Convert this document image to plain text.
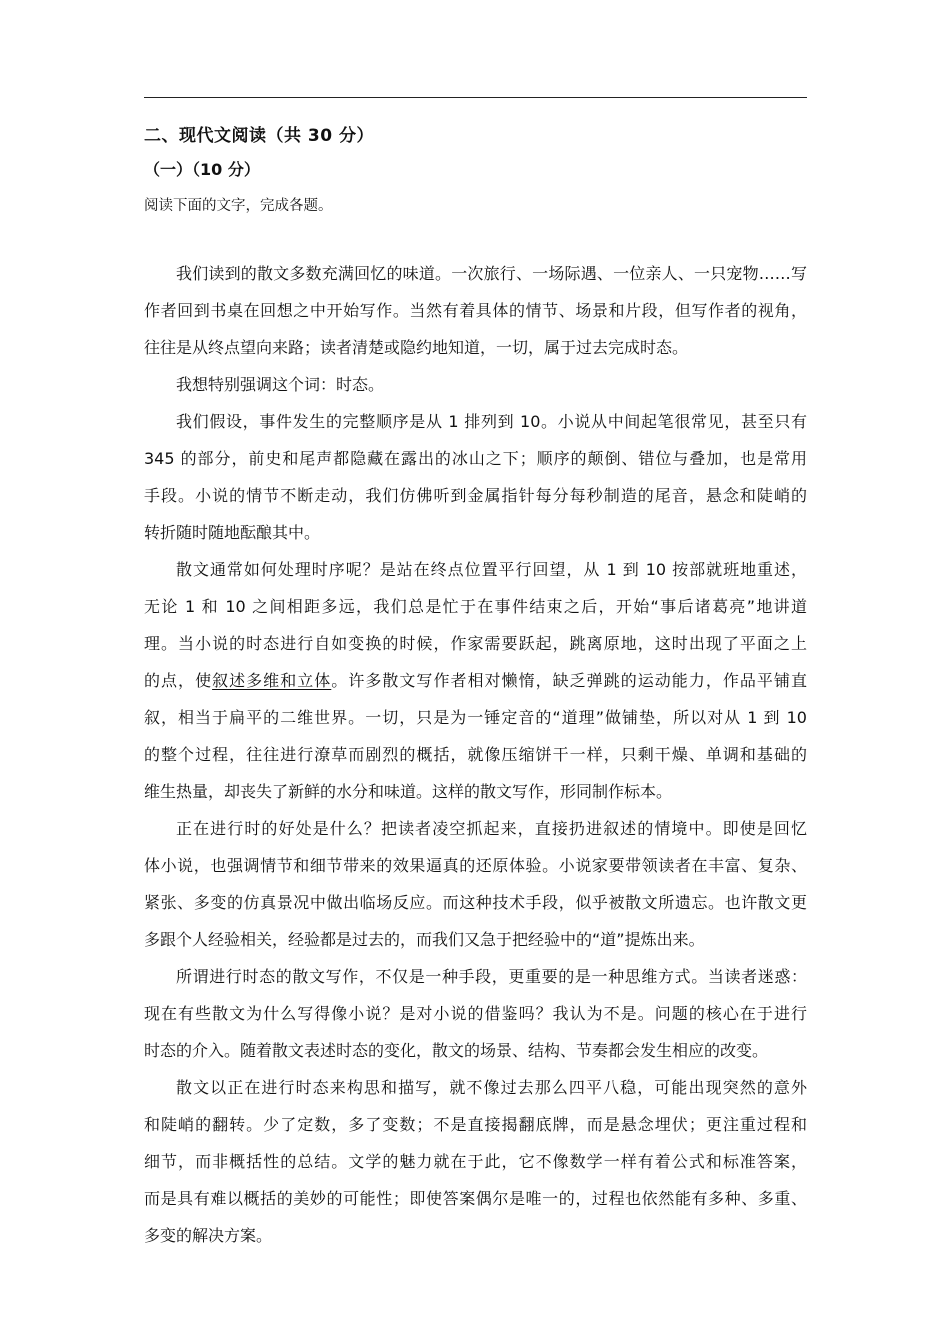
二、现代文阅读（共 30 分）
（一）（10 分）
阅读下面的文字，完成各题。
我们读到的散文多数充满回忆的味道。一次旅行、一场际遇、一位亲人、一只宠物……写
作者回到书桌在回想之中开始写作。当然有着具体的情节、场景和片段，但写作者的视角，
往往是从终点望向来路；读者清楚或隐约地知道，一切，属于过去完成时态。
我想特别强调这个词：时态。
我们假设，事件发生的完整顺序是从 1 排列到 10。小说从中间起笔很常见，甚至只有
345 的部分，前史和尾声都隐藏在露出的冰山之下；顺序的颠倒、错位与叠加，也是常用
手段。小说的情节不断走动，我们仿佛听到金属指针每分每秒制造的尾音，悬念和陡峭的
转折随时随地酝酿其中。
散文通常如何处理时序呢？是站在终点位置平行回望，从 1 到 10 按部就班地重述，
无论 1 和 10 之间相距多远，我们总是忙于在事件结束之后，开始“事后诸葛亮”地讲道
理。当小说的时态进行自如变换的时候，作家需要跃起，跳离原地，这时出现了平面之上
的点，使叙述多维和立体。许多散文写作者相对懒惰，缺乏弹跳的运动能力，作品平铺直
叙，相当于扁平的二维世界。一切，只是为一锤定音的“道理”做铺垫，所以对从 1 到 10
的整个过程，往往进行潦草而剧烈的概括，就像压缩饼干一样，只剩干燥、单调和基础的
维生热量，却丧失了新鲜的水分和味道。这样的散文写作，形同制作标本。
正在进行时的好处是什么？把读者凌空抓起来，直接扔进叙述的情境中。即使是回忆
体小说，也强调情节和细节带来的效果逼真的还原体验。小说家要带领读者在丰富、复杂、
紧张、多变的仿真景况中做出临场反应。而这种技术手段，似乎被散文所遗忘。也许散文更
多跟个人经验相关，经验都是过去的，而我们又急于把经验中的“道”提炼出来。
所谓进行时态的散文写作，不仅是一种手段，更重要的是一种思维方式。当读者迷惑：
现在有些散文为什么写得像小说？是对小说的借鉴吗？我认为不是。问题的核心在于进行
时态的介入。随着散文表述时态的变化，散文的场景、结构、节奏都会发生相应的改变。
散文以正在进行时态来构思和描写，就不像过去那么四平八稳，可能出现突然的意外
和陡峭的翻转。少了定数，多了变数；不是直接揭翻底牌，而是悬念埋伏；更注重过程和
细节，而非概括性的总结。文学的魅力就在于此，它不像数学一样有着公式和标准答案，
而是具有难以概括的美妙的可能性；即使答案偶尔是唯一的，过程也依然能有多种、多重、
多变的解决方案。
